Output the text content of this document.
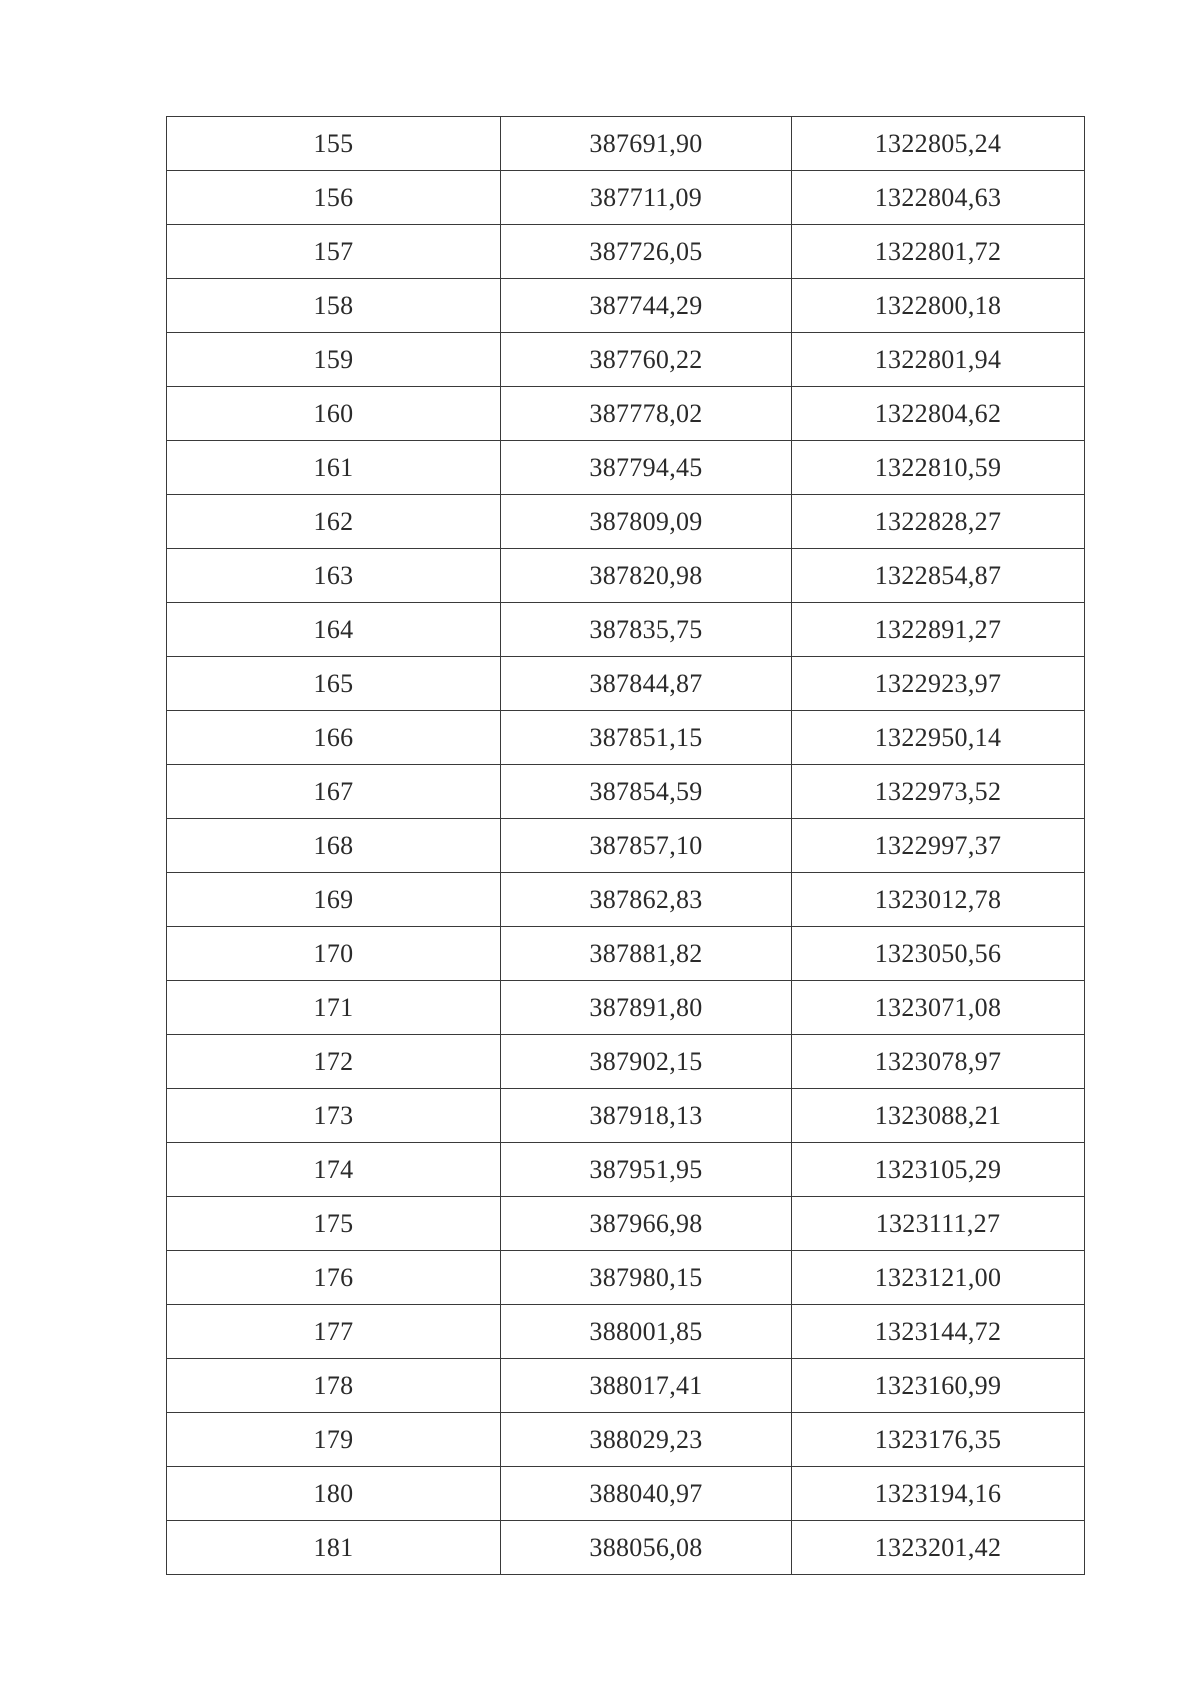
155	387691,90	1322805,24
156	387711,09	1322804,63
157	387726,05	1322801,72
158	387744,29	1322800,18
159	387760,22	1322801,94
160	387778,02	1322804,62
161	387794,45	1322810,59
162	387809,09	1322828,27
163	387820,98	1322854,87
164	387835,75	1322891,27
165	387844,87	1322923,97
166	387851,15	1322950,14
167	387854,59	1322973,52
168	387857,10	1322997,37
169	387862,83	1323012,78
170	387881,82	1323050,56
171	387891,80	1323071,08
172	387902,15	1323078,97
173	387918,13	1323088,21
174	387951,95	1323105,29
175	387966,98	1323111,27
176	387980,15	1323121,00
177	388001,85	1323144,72
178	388017,41	1323160,99
179	388029,23	1323176,35
180	388040,97	1323194,16
181	388056,08	1323201,42
